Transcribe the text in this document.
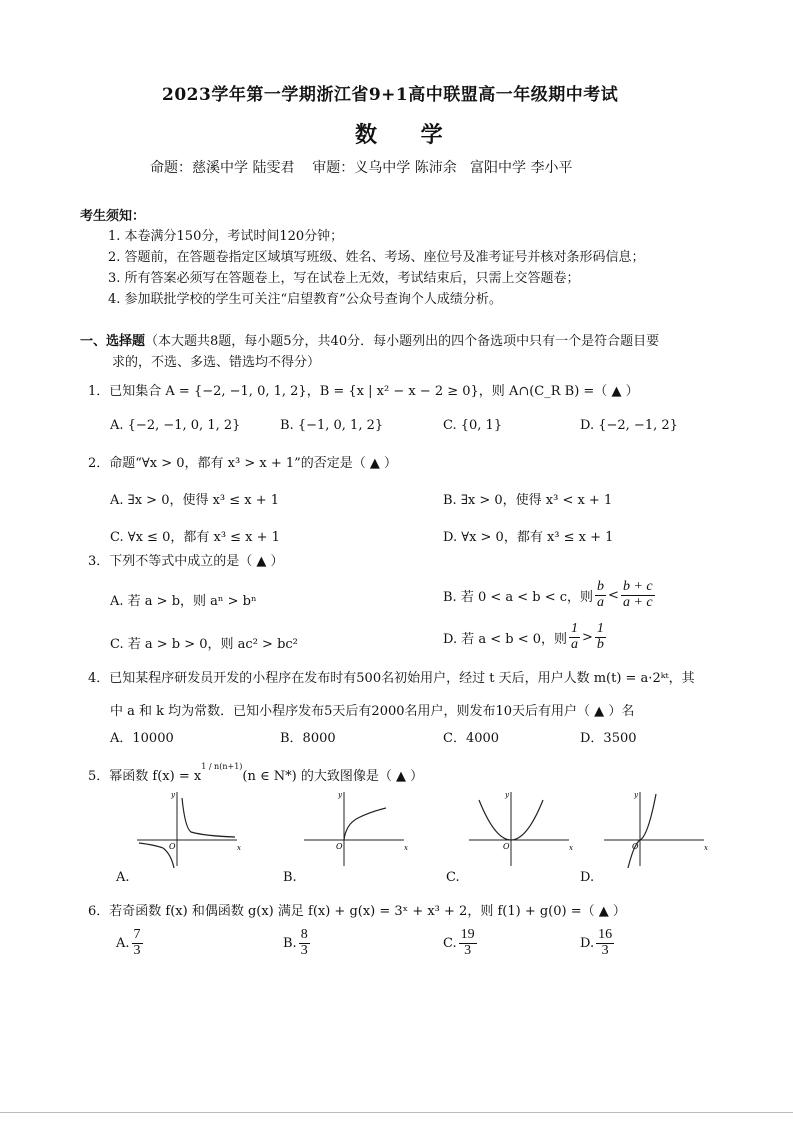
2023学年第一学期浙江省9+1高中联盟高一年级期中考试
数 学
命题：慈溪中学 陆雯君    审题：义乌中学 陈沛余   富阳中学 李小平
考生须知：
1. 本卷满分150分，考试时间120分钟；
2. 答题前，在答题卷指定区域填写班级、姓名、考场、座位号及准考证号并核对条形码信息；
3. 所有答案必须写在答题卷上，写在试卷上无效，考试结束后，只需上交答题卷；
4. 参加联批学校的学生可关注“启望教育”公众号查询个人成绩分析。
一、选择题（本大题共8题，每小题5分，共40分．每小题列出的四个备选项中只有一个是符合题目要
求的，不选、多选、错选均不得分）
1．已知集合 A = {−2, −1, 0, 1, 2}，B = {x | x² − x − 2 ≥ 0}，则 A∩(C_R B) =（ ▲ ）
A. {−2, −1, 0, 1, 2}	B. {−1, 0, 1, 2}	C. {0, 1}	D. {−2, −1, 2}
2．命题“∀x > 0，都有 x³ > x + 1”的否定是（ ▲ ）
A. ∃x > 0，使得 x³ ≤ x + 1	B. ∃x > 0，使得 x³ < x + 1
C. ∀x ≤ 0，都有 x³ ≤ x + 1	D. ∀x > 0，都有 x³ ≤ x + 1
3．下列不等式中成立的是（ ▲ ）
A. 若 a > b，则 aⁿ > bⁿ	B. 若 0 < a < b < c，则 $\frac{b}{a} < \frac{b + c}{a + c}$
C. 若 a > b > 0，则 ac² > bc²	D. 若 a < b < 0，则 $\frac{1}{a} > \frac{1}{b}$
4．已知某程序研发员开发的小程序在发布时有500名初始用户，经过 t 天后，用户人数 m(t) = a·2ᵏᵗ，其
中 a 和 k 均为常数．已知小程序发布5天后有2000名用户，则发布10天后有用户（ ▲ ）名
A．10000	B．8000	C．4000	D．3500
5．幂函数 $f(x) = x^{1 / n(n+1)}(n$ ∈ N*) 的大致图像是（ ▲ ）
y
x
O
A.
y
x
O
B.
y
x
O
C.
y
x
O
D.
6．若奇函数 f(x) 和偶函数 g(x) 满足 f(x) + g(x) = 3ˣ + x³ + 2，则 f(1) + g(0) =（ ▲ ）
A. $\frac{7}{3}$	B. $\frac{8}{3}$	C. $\frac{19}{3}$	D. $\frac{16}{3}$
